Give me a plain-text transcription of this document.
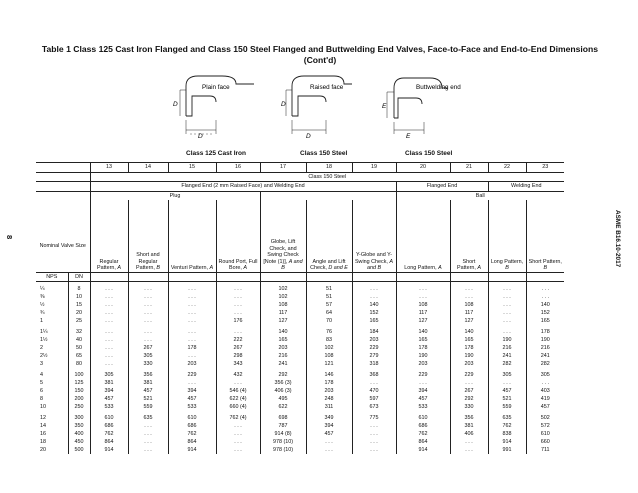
Table 1 Class 125 Cast Iron Flanged and Class 150 Steel Flanged and Buttwelding End Valves, Face-to-Face and End-to-End Dimensions
(Cont'd)
ASME B16.10-2017
8
Plain face
D
D
Raised face
D
D
Buttwelding end
E
E
Class 125 Cast Iron	Class 150 Steel	Class 150 Steel
		13	14	15	16	17	18	19	20	21	22	23
		Class 150 Steel										
		Flanged End (2 mm Raised Face) and Welding End							Flanged End		Welding End	
		Plug							Ball			
Nominal Valve Size		Regular Pattern, A	Short and Regular Pattern, B	Venturi Pattern, A	Round Port, Full Bore, A	Globe, Lift Check, and Swing Check [Note (1)], A and B	Angle and Lift Check, D and E	Y-Globe and Y-Swing Check, A and B	Long Pattern, A	Short Pattern, A	Long Pattern, B	Short Pattern, B
NPS	DN											

¼	8	. . .	. . .	. . .	. . .	102	51	. . .	. . .	. . .	. . .	. . .
⅜	10	. . .	. . .	. . .	. . .	102	51	. . .	. . .	. . .	. . .	. . .
½	15	. . .	. . .	. . .	. . .	108	57	140	108	108	. . .	140
¾	20	. . .	. . .	. . .	. . .	117	64	152	117	117	. . .	152
1	25	. . .	. . .	. . .	176	127	70	165	127	127	. . .	165

1¼	32	. . .	. . .	. . .	. . .	140	76	184	140	140	. . .	178
1½	40	. . .	. . .	. . .	222	165	83	203	165	165	190	190
2	50	. . .	267	178	267	203	102	229	178	178	216	216
2½	65	. . .	305	. . .	298	216	108	279	190	190	241	241
3	80	. . .	330	203	343	241	121	318	203	203	282	282

4	100	305	356	229	432	292	146	368	229	229	305	305
5	125	381	381	. . .	. . .	356 (3)	178	. . .	. . .	. . .	. . .	. . .
6	150	394	457	394	546 (4)	406 (3)	203	470	394	267	457	403
8	200	457	521	457	622 (4)	495	248	597	457	292	521	419
10	250	533	559	533	660 (4)	622	311	673	533	330	559	457

12	300	610	635	610	762 (4)	698	349	775	610	356	635	502
14	350	686	. . .	686	. . .	787	394	. . .	686	381	762	572
16	400	762	. . .	762	. . .	914 (8)	457	. . .	762	406	838	610
18	450	864	. . .	864	. . .	978 (10)	. . .	. . .	864	. . .	914	660
20	500	914	. . .	914	. . .	978 (10)	. . .	. . .	914	. . .	991	711
